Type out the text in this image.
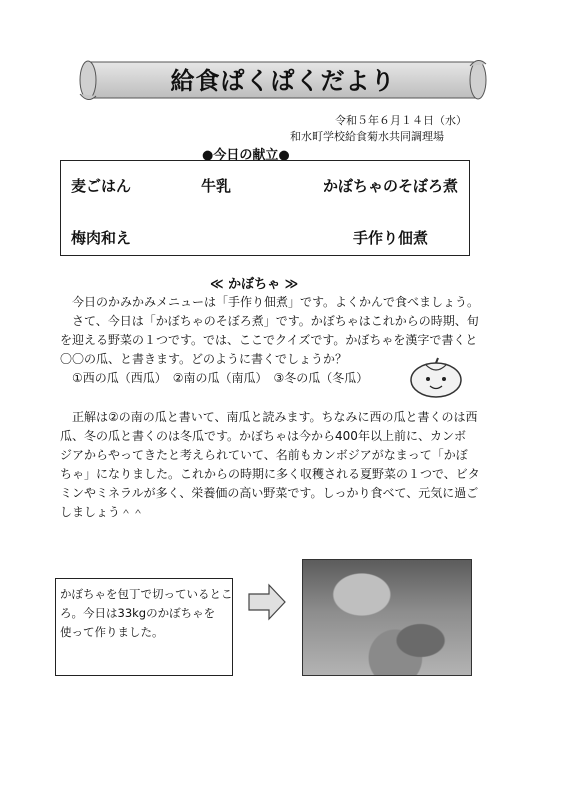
給食ぱくぱくだより
令和５年６月１４日（水）
和水町学校給食菊水共同調理場
●今日の献立●
麦ごはん	牛乳	かぼちゃのそぼろ煮
梅肉和え	手作り佃煮
≪ かぼちゃ ≫

　今日のかみかみメニューは「手作り佃煮」です。よくかんで食べましょう。

　さて、今日は「かぼちゃのそぼろ煮」です。かぼちゃはこれからの時期、旬

を迎える野菜の１つです。では、ここでクイズです。かぼちゃを漢字で書くと

〇〇の瓜、と書きます。どのように書くでしょうか？

　①西の瓜（西瓜）　②南の瓜（南瓜）　③冬の瓜（冬瓜）

　正解は②の南の瓜と書いて、南瓜と読みます。ちなみに西の瓜と書くのは西

瓜、冬の瓜と書くのは冬瓜です。かぼちゃは今から400年以上前に、カンボ

ジアからやってきたと考えられていて、名前もカンボジアがなまって「かぼ

ちゃ」になりました。これからの時期に多く収穫される夏野菜の１つで、ビタ

ミンやミネラルが多く、栄養価の高い野菜です。しっかり食べて、元気に過ご

しましょう＾＾

かぼちゃを包丁で切っているとこ

ろ。今日は33kgのかぼちゃを

使って作りました。
